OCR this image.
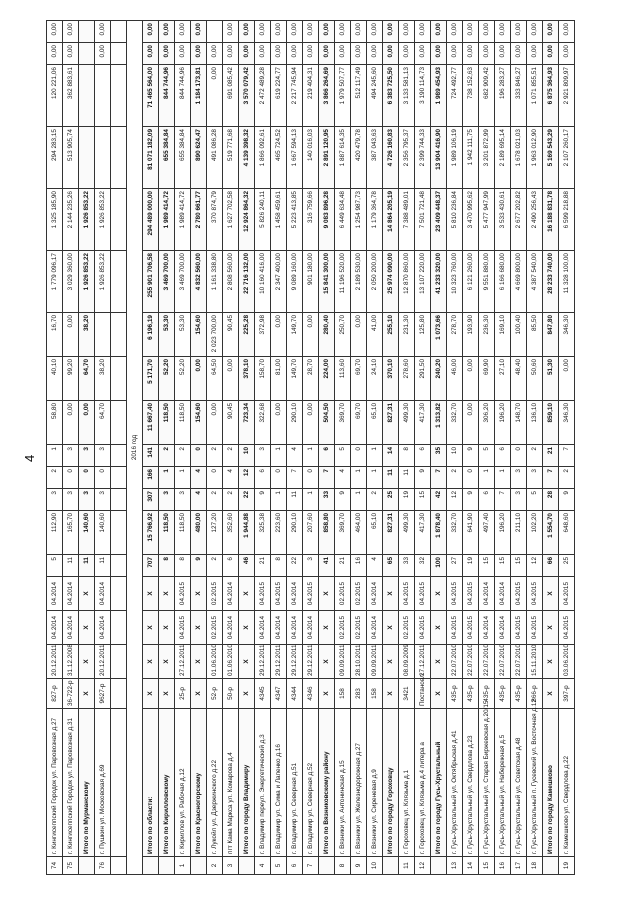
4
74	г. Кингисеппский Городок ул. Паровозная д.27	827-р	20.12.2011	04.2014	04.2014	5	112,90	3	2	1	58,80	40,10	16,70	1 779 096,17	1 325 185,90	294 283,15	120 221,06	0,00	0,00
75	г. Кингисеппский Городок ул. Паровозная д.31	36-722-р	31.12.2008	04.2014	04.2014	11	165,70	3	0	3	0,00	99,20	0,00	3 029 360,00	2 144 235,26	513 905,74	362 883,61	0,00	0,00
	Итого по Мурманскому	X	X	X	X	11	140,60	3	0	3	0,00	64,70	38,20	1 926 853,22	1 926 853,22				
76	г. Пушкин ул. Московская д.69	9627-р	20.12.2011	04.2014	04.2014	11	140,60	3	0	3	64,70	38,20		1 926 853,22	1 926 853,22			0,00	0,00

2016 год																			
	Итого по области:	X	X	X	X	707	15 766,92	307	166	141	11 667,40	5 171,70	6 196,19	255 901 706,58	294 489 000,00	81 071 182,09	71 465 564,00	0,00	0,00
	Итого по Кирилловскому	X	X	X	X	8	118,50	3	1	2	118,50	52,20	53,30	3 469 700,00	1 989 414,72	655 384,84	844 744,96	0,00	0,00
1	г. Кириллов ул. Рабочая д.12	25-р	27.12.2011	04.2015	04.2015	8	118,50	3	1	2	118,50	52,20	53,30	3 469 700,00	1 989 414,72	655 384,84	844 744,96	0,00	0,00
	Итого по Красногорскому	X	X	X	X	9	480,00	4	4	0	154,60	0,00	154,60	4 832 560,00	2 780 661,77	890 624,47	1 184 173,81	0,00	0,00
2	г. Лукойл ул. Дзержинского д.22	52-р	01.06.2010	02.2015	02.2015	2	127,20	2	0	2	0,00	64,50	2 023 700,00	1 161 338,80	370 874,79	491 086,28	0,00	0,00	
3	пгт Кама Маркса ул. Комарова д.4	50-р	01.06.2010	04.2014	04.2014	6	352,60	2	4	2	90,45	0,00	90,45	2 808 560,00	1 627 702,58	519 771,68	691 085,42	0,00	0,00
	Итого по городу Владимиру	X	X	X	X	46	1 944,88	22	12	10	723,34	378,10	225,28	22 716 132,00	12 924 864,32	4 139 398,32	3 570 079,42	0,00	0,00
4	г. Владимир переул. Энергетический д.3	4345	29.12.2011	04.2014	04.2015	21	325,38	9	6	3	322,68	158,70	372,98	10 160 416,00	5 826 240,11	1 866 092,61	2 472 489,28	0,00	0,00
5	г. Владимир ул. Сима и Лапенко д.16	4347	29.12.2011	04.2014	04.2015	8	223,60	1	0	1	0,00	81,00	0,00	2 347 400,00	1 458 459,61	465 724,52	619 224,77	0,00	0,00
6	г. Владимир ул. Северная д.51	4344	29.12.2011	04.2014	04.2014	22	290,10	11	7	4	290,10	149,70	149,70	9 089 160,00	5 223 413,85	1 667 594,13	2 217 745,94	0,00	0,00
7	г. Владимир ул. Северная д.52	4346	29.12.2011	04.2014	04.2015	3	207,60	1	0	1	0,00	28,70	0,00	901 180,00	316 759,66	140 016,03	219 404,31	0,00	0,00
	Итого по Вязниковскому району	X	X	X	X	41	858,80	33	7	6	504,50	224,00	280,40	15 841 300,00	9 083 896,28	2 891 120,95	3 866 264,69	0,00	0,00
8	г. Вязники ул. Антонинская д.15	158	09.09.2011	02.2015	02.2015	21	369,70	9	4	5	369,70	113,60	250,70	11 196 520,00	6 449 634,48	1 887 614,35	1 979 507,77	0,00	0,00
9	г. Вязники ул. Железнодорожная д.27	283	28.10.2011	02.2015	02.2015	16	464,00	1	1	0	69,70	69,70	0,00	2 189 530,00	1 254 987,73	420 479,78	512 117,49	0,00	0,00
10	г. Вязники ул. Сиреневая д.9	158	09.09.2011	04.2014	04.2014	4	65,10	2	1	1	65,10	24,10	41,00	2 050 200,00	1 179 364,78	387 043,63	494 245,60	0,00	0,00
	Итого по городу Гороховцу	X	X	X	X	65	827,31	25	11	14	827,31	370,10	255,10	25 974 090,00	14 864 205,19	4 726 160,83	6 383 725,50	0,00	0,00
11	г. Гороховец ул. Клязьма д.1	3421	08.09.2009	02.2015	04.2015	33	499,30	19	11	8	499,30	278,60	231,30	12 870 860,00	7 388 489,01	2 356 795,37	3 133 581,13	0,00	0,00
12	г. Гороховец ул. Клязьма д.4 литера а	Постановл.	27.12.2011	04.2015	04.2015	32	417,30	15	9	6	417,30	291,50	125,80	13 107 220,00	7 501 721,48	2 399 744,33	3 190 114,73	0,00	0,00
	Итого по городу Гусь-Хрустальный	X	X	X	X	100	1 878,40	42	7	35	1 313,82	240,20	1 073,66	41 233 320,00	23 409 448,37	13 904 416,90	1 989 454,93	0,00	0,00
13	г. Гусь-Хрустальный ул. Октябрьская д.41	435-р	22.07.2010	04.2015	04.2015	27	332,70	12	2	10	332,70	46,00	278,70	10 323 760,00	5 810 236,84	1 989 106,19	724 492,77	0,00	0,00
14	г. Гусь-Хрустальный ул. Свердлова д.23	435-р	22.07.2010	04.2015	04.2015	19	641,90	9	0	9	0,00	0,00	193,90	6 121 260,00	3 470 995,62	1 942 111,75	738 152,63	0,00	0,00
15	г. Гусь-Хрустальный ул. Старая Биржевская д.20/15	435-р	22.07.2010	04.2014	04.2014	15	497,40	6	1	5	306,20	69,90	236,30	9 551 880,00	5 477 947,99	3 201 872,99	682 909,42	0,00	0,00
16	г. Гусь-Хрустальный ул. Набережная д.5	435-р	22.07.2010	04.2014	04.2014	15	196,20	7	1	6	196,20	27,10	169,10	6 166 680,00	3 533 430,61	2 189 695,14	196 283,27	0,00	0,00
17	г. Гусь-Хрустальный ул. Советская д.48	435-р	22.07.2010	04.2015	04.2015	15	211,10	3	3	0	148,70	48,40	100,40	4 669 800,00	2 677 202,82	1 678 021,03	333 846,27	0,00	0,00
18	г. Гусь-Хрустальный п. Гусевский ул. Восточная д.12	866-р	15.11.2010	04.2015	04.2015	12	102,20	5	3	2	136,10	50,60	85,50	4 387 540,00	2 490 256,43	1 963 012,90	1 071 855,51	0,00	0,00
	Итого по городу Камешково	X	X	X	X	66	1 554,70	28	7	21	859,10	51,30	847,80	28 233 740,00	16 188 831,78	5 169 543,29	6 875 364,93	0,00	0,00
19	г. Камешково ул. Свердлова д.22	397-р	03.06.2010	04.2015	04.2015	25	648,60	9	2	7	346,30	0,00	346,30	11 328 100,00	6 599 218,88	2 107 260,17	2 921 809,97	0,00	0,00
